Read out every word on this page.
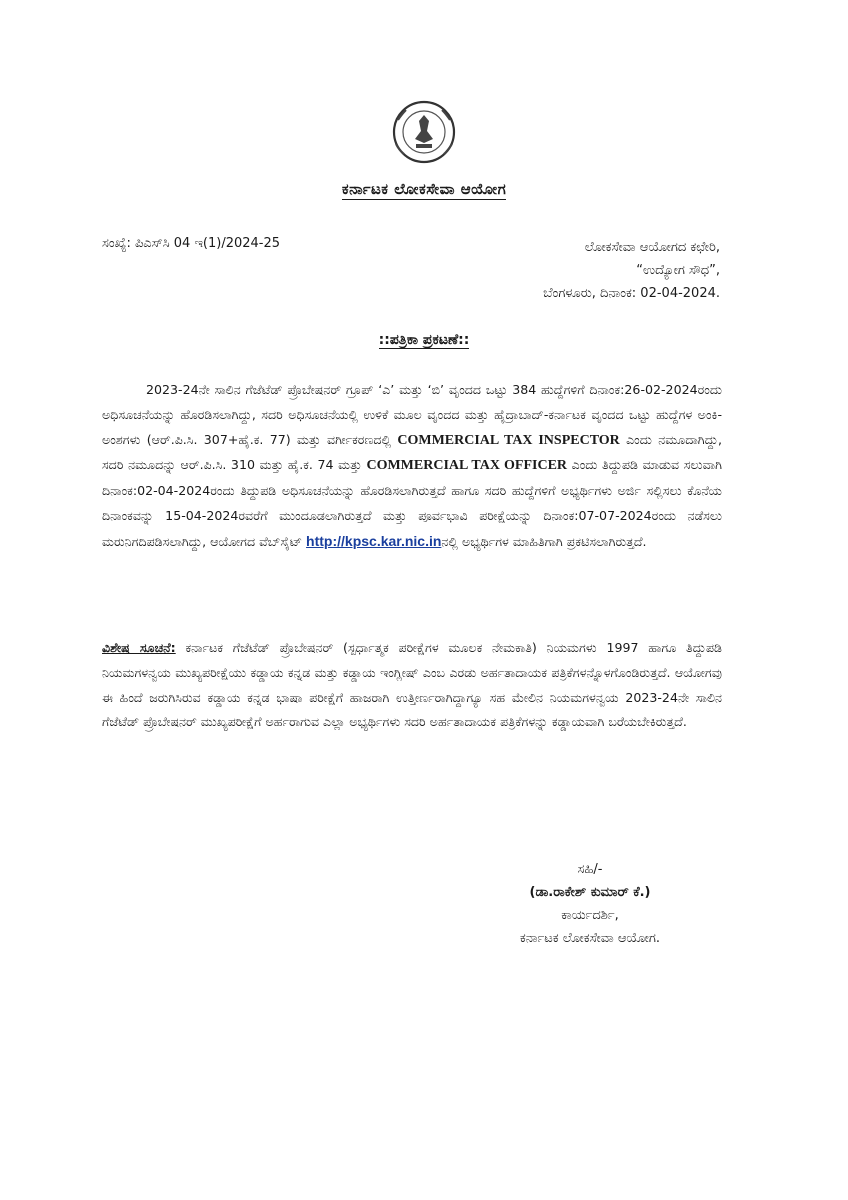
ಕರ್ನಾಟಕ ಲೋಕಸೇವಾ ಆಯೋಗ
ಸಂಖ್ಯೆ: ಪಿಎಸ್‌ಸಿ 04 ಇ(1)/2024-25	ಲೋಕಸೇವಾ ಆಯೋಗದ ಕಛೇರಿ,
“ಉದ್ಯೋಗ ಸೌಧ”,
ಬೆಂಗಳೂರು, ದಿನಾಂಕ: 02-04-2024.
::ಪತ್ರಿಕಾ ಪ್ರಕಟಣೆ::
2023-24ನೇ ಸಾಲಿನ ಗೆಜೆಟೆಡ್ ಪ್ರೊಬೇಷನರ್ ಗ್ರೂಪ್ ‘ಎ’ ಮತ್ತು ‘ಬಿ’ ವೃಂದದ ಒಟ್ಟು 384 ಹುದ್ದೆಗಳಿಗೆ ದಿನಾಂಕ:26-02-2024ರಂದು ಅಧಿಸೂಚನೆಯನ್ನು ಹೊರಡಿಸಲಾಗಿದ್ದು, ಸದರಿ ಅಧಿಸೂಚನೆಯಲ್ಲಿ ಉಳಿಕೆ ಮೂಲ ವೃಂದದ ಮತ್ತು ಹೈದ್ರಾಬಾದ್-ಕರ್ನಾಟಕ ವೃಂದದ ಒಟ್ಟು ಹುದ್ದೆಗಳ ಅಂಕಿ-ಅಂಶಗಳು (ಆರ್.ಪಿ.ಸಿ. 307+ಹೈ.ಕ. 77) ಮತ್ತು ವರ್ಗೀಕರಣದಲ್ಲಿ COMMERCIAL TAX INSPECTOR ಎಂದು ನಮೂದಾಗಿದ್ದು, ಸದರಿ ನಮೂದನ್ನು ಆರ್.ಪಿ.ಸಿ. 310 ಮತ್ತು ಹೈ.ಕ. 74 ಮತ್ತು COMMERCIAL TAX OFFICER ಎಂದು ತಿದ್ದುಪಡಿ ಮಾಡುವ ಸಲುವಾಗಿ ದಿನಾಂಕ:02-04-2024ರಂದು ತಿದ್ದುಪಡಿ ಅಧಿಸೂಚನೆಯನ್ನು ಹೊರಡಿಸಲಾಗಿರುತ್ತದೆ ಹಾಗೂ ಸದರಿ ಹುದ್ದೆಗಳಿಗೆ ಅಭ್ಯರ್ಥಿಗಳು ಅರ್ಜಿ ಸಲ್ಲಿಸಲು ಕೊನೆಯ ದಿನಾಂಕವನ್ನು 15-04-2024ರವರೆಗೆ ಮುಂದೂಡಲಾಗಿರುತ್ತದೆ ಮತ್ತು ಪೂರ್ವಭಾವಿ ಪರೀಕ್ಷೆಯನ್ನು ದಿನಾಂಕ:07-07-2024ರಂದು ನಡೆಸಲು ಮರುನಿಗದಿಪಡಿಸಲಾಗಿದ್ದು, ಆಯೋಗದ ವೆಬ್‌ಸೈಟ್ http://kpsc.kar.nic.inನಲ್ಲಿ ಅಭ್ಯರ್ಥಿಗಳ ಮಾಹಿತಿಗಾಗಿ ಪ್ರಕಟಿಸಲಾಗಿರುತ್ತದೆ.
ವಿಶೇಷ ಸೂಚನೆ: ಕರ್ನಾಟಕ ಗೆಜೆಟೆಡ್ ಪ್ರೊಬೇಷನರ್ (ಸ್ಪರ್ಧಾತ್ಮಕ ಪರೀಕ್ಷೆಗಳ ಮೂಲಕ ನೇಮಕಾತಿ) ನಿಯಮಗಳು 1997 ಹಾಗೂ ತಿದ್ದುಪಡಿ ನಿಯಮಗಳನ್ವಯ ಮುಖ್ಯಪರೀಕ್ಷೆಯು ಕಡ್ಡಾಯ ಕನ್ನಡ ಮತ್ತು ಕಡ್ಡಾಯ ಇಂಗ್ಲೀಷ್ ಎಂಬ ಎರಡು ಅರ್ಹತಾದಾಯಕ ಪತ್ರಿಕೆಗಳನ್ನೊಳಗೊಂಡಿರುತ್ತದೆ. ಆಯೋಗವು ಈ ಹಿಂದೆ ಜರುಗಿಸಿರುವ ಕಡ್ಡಾಯ ಕನ್ನಡ ಭಾಷಾ ಪರೀಕ್ಷೆಗೆ ಹಾಜರಾಗಿ ಉತ್ತೀರ್ಣರಾಗಿದ್ದಾಗ್ಯೂ ಸಹ ಮೇಲಿನ ನಿಯಮಗಳನ್ವಯ 2023-24ನೇ ಸಾಲಿನ ಗೆಜೆಟೆಡ್ ಪ್ರೊಬೇಷನರ್ ಮುಖ್ಯಪರೀಕ್ಷೆಗೆ ಅರ್ಹರಾಗುವ ಎಲ್ಲಾ ಅಭ್ಯರ್ಥಿಗಳು ಸದರಿ ಅರ್ಹತಾದಾಯಕ ಪತ್ರಿಕೆಗಳನ್ನು ಕಡ್ಡಾಯವಾಗಿ ಬರೆಯಬೇಕಿರುತ್ತದೆ.
ಸಹಿ/-
(ಡಾ.ರಾಕೇಶ್ ಕುಮಾರ್ ಕೆ.)
ಕಾರ್ಯದರ್ಶಿ,
ಕರ್ನಾಟಕ ಲೋಕಸೇವಾ ಆಯೋಗ.
